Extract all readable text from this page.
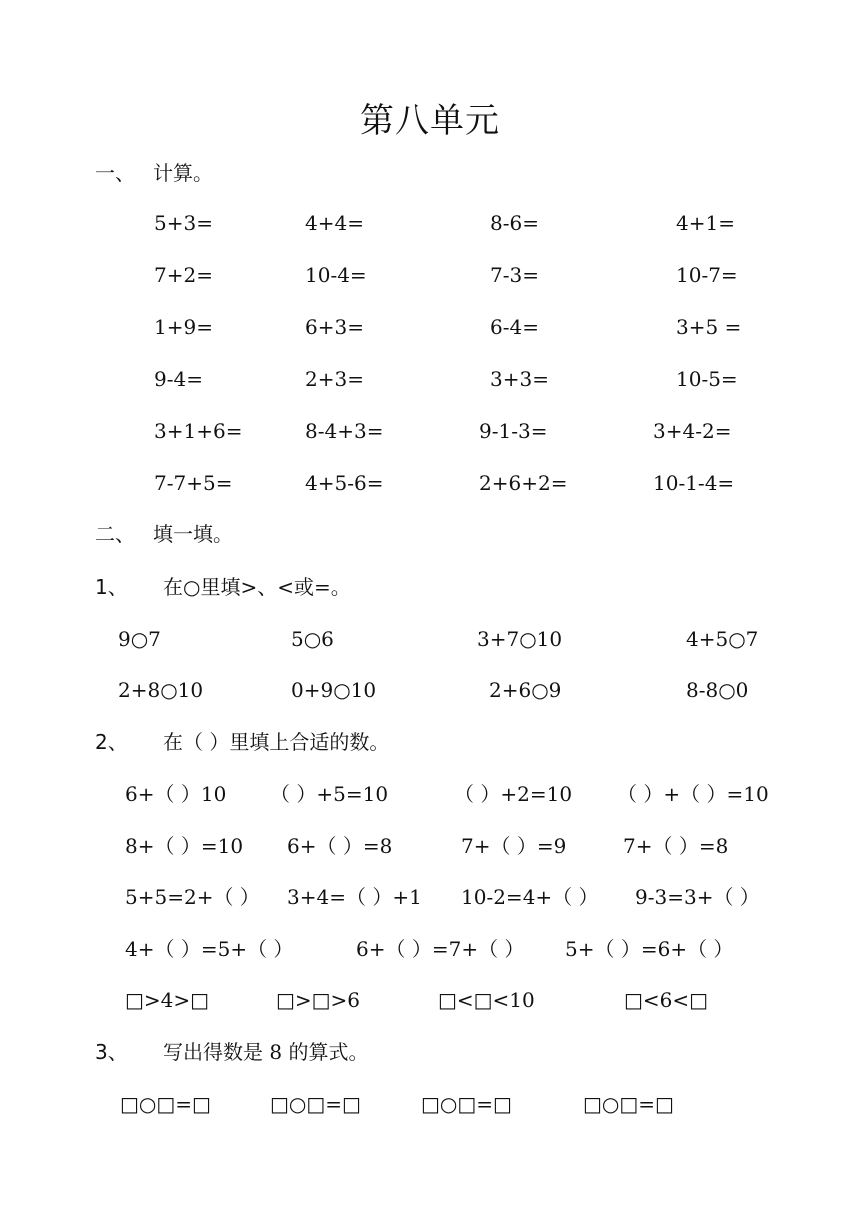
第八单元
一、 计算。
5+3=	4+4=	8-6=	4+1=
7+2=	10-4=	7-3=	10-7=
1+9=	6+3=	6-4=	3+5 =
9-4=	2+3=	3+3=	10-5=
3+1+6=	8-4+3=	9-1-3=	3+4-2=
7-7+5=	4+5-6=	2+6+2=	10-1-4=
二、 填一填。
1、 在○里填>、<或=。
9○7	5○6	3+7○10	4+5○7
2+8○10	0+9○10	2+6○9	8-8○0
2、 在（ ）里填上合适的数。
6+（ ）10 （ ）+5=10	（ ）+2=10 （ ）+（ ）=10
8+（ ）=10 6+（ ）=8	7+（ ）=9	7+（ ）=8
5+5=2+（ ） 3+4=（ ）+1 10-2=4+（ ） 9-3=3+（ ）
4+（ ）=5+（ ）	6+（ ）=7+（ ） 5+（ ）=6+（ ）
□>4>□	□>□>6	□<□<10	□<6<□
3、 写出得数是 8 的算式。
□○□=□	□○□=□	□○□=□	□○□=□
